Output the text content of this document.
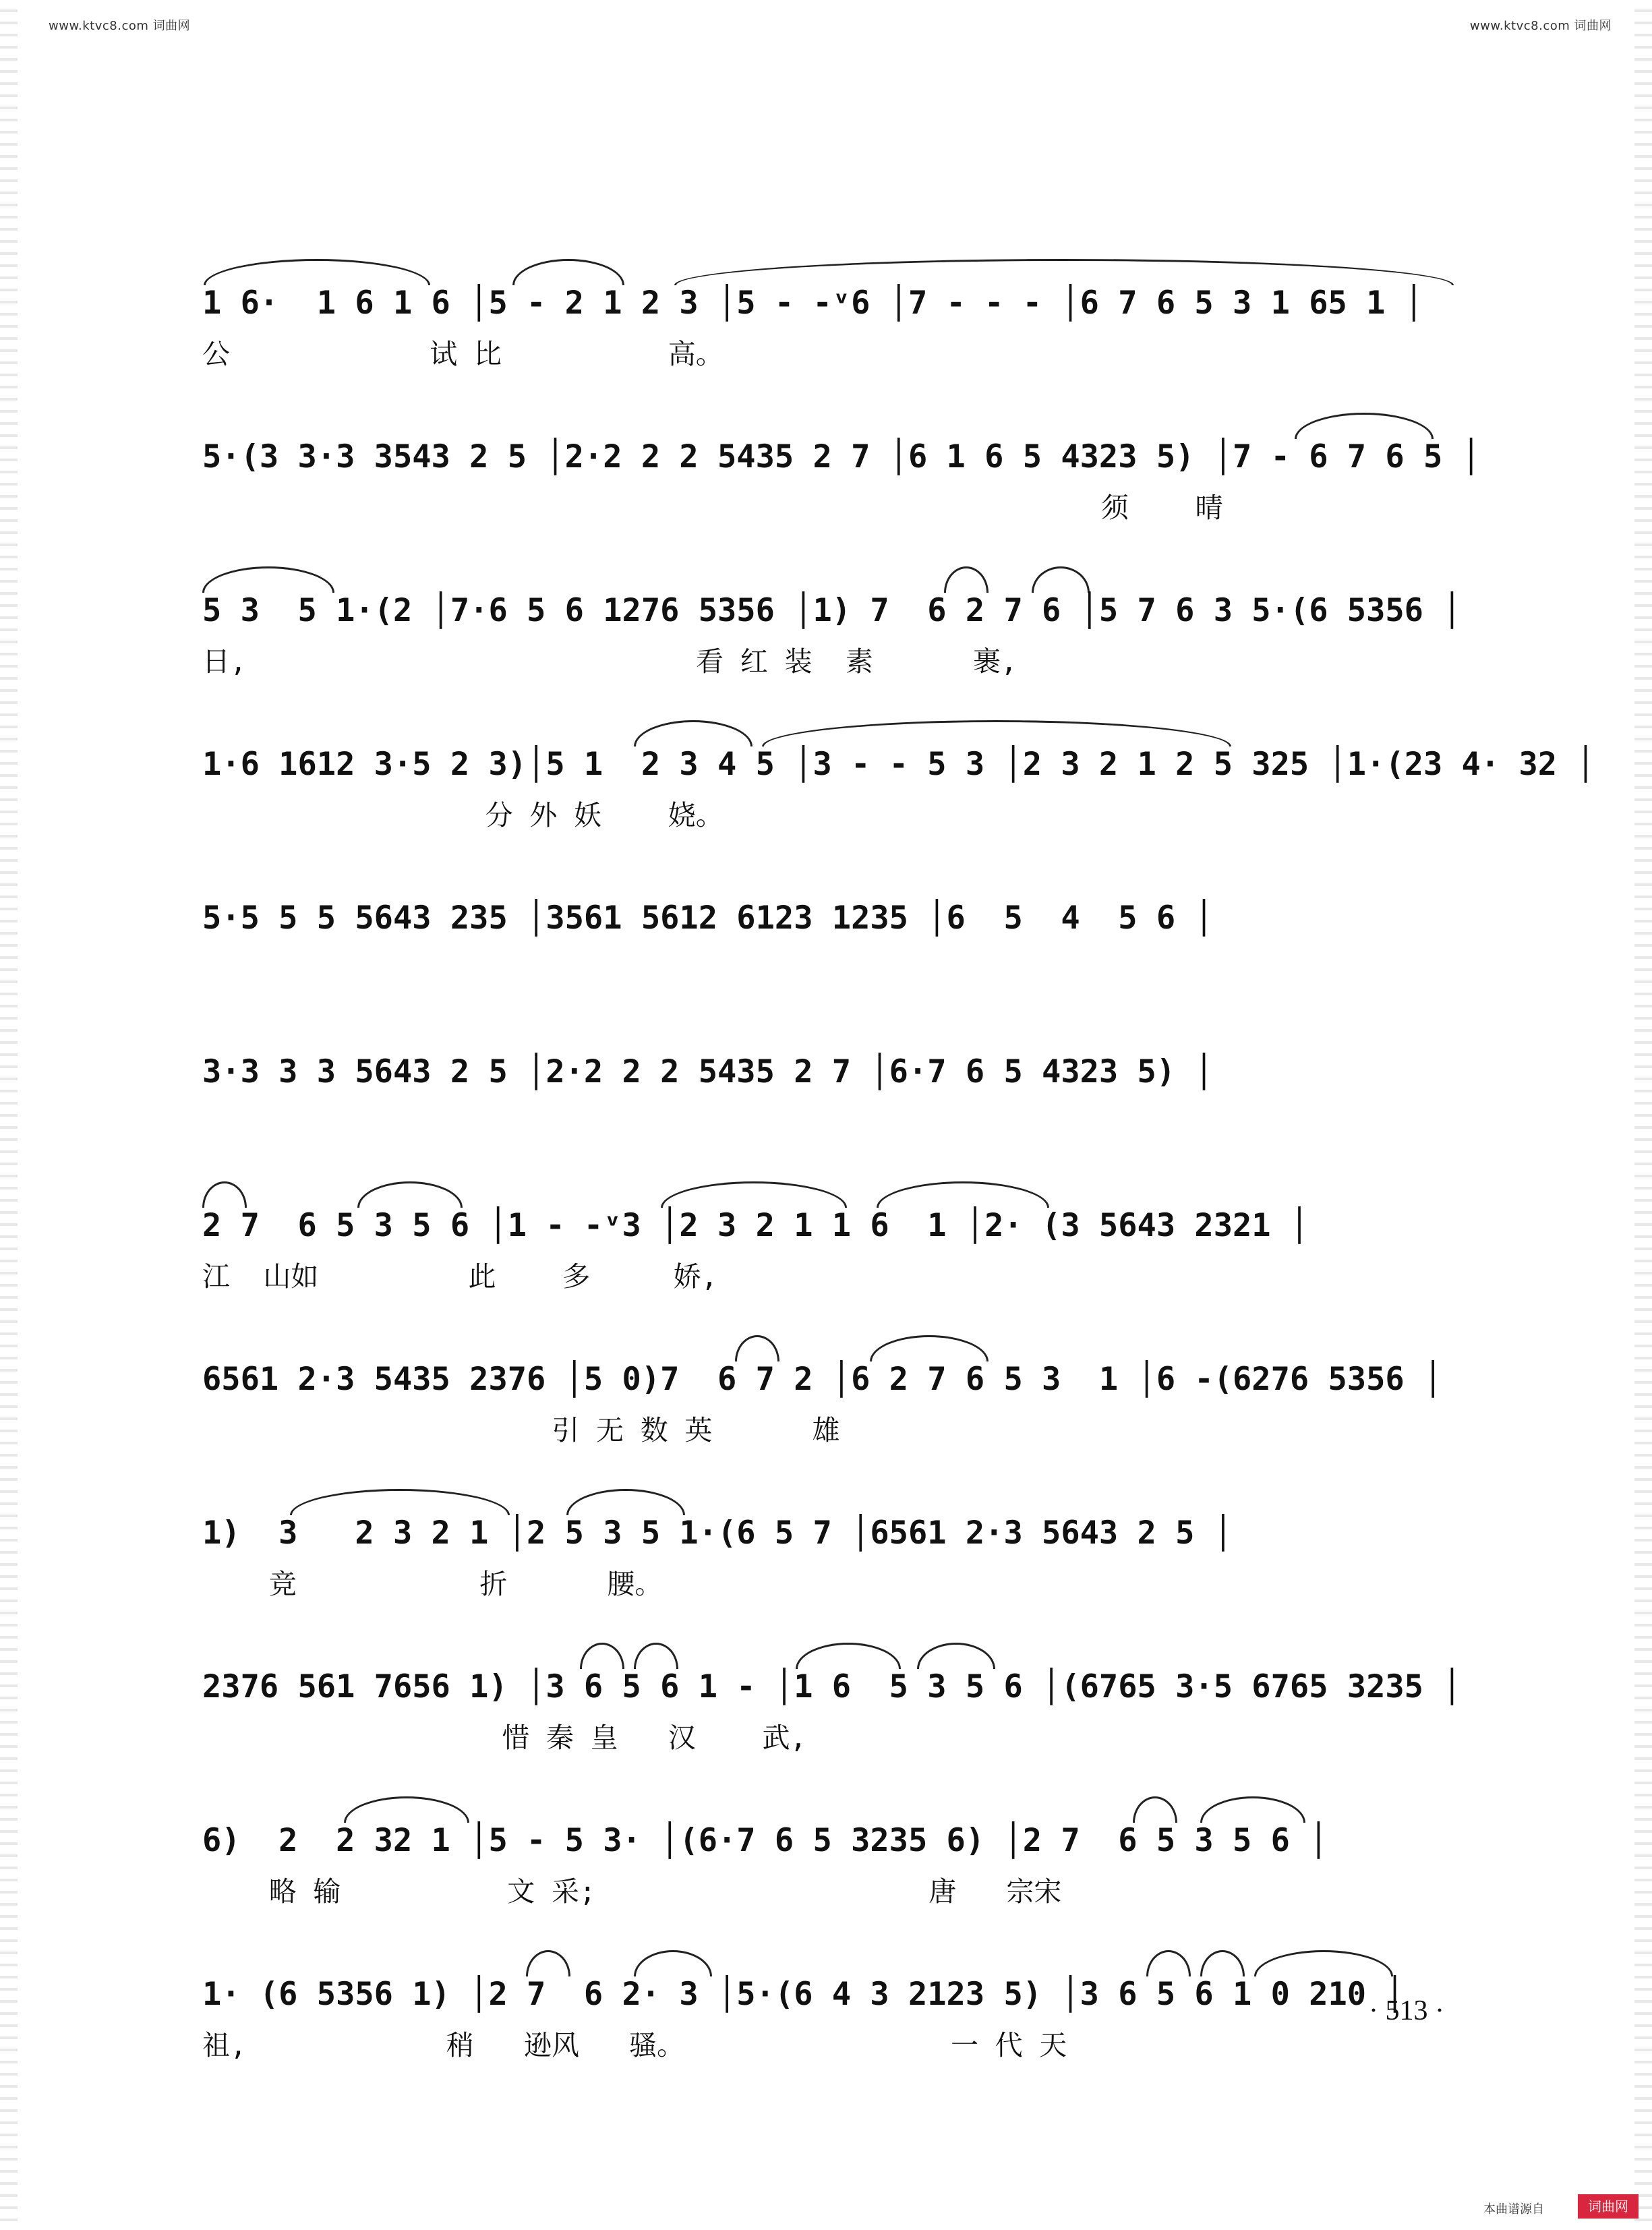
www.ktvc8.com 词曲网	www.ktvc8.com 词曲网
1 6·  1 6 1 6 │5 - 2 1 2 3 │5 - -ᵛ6 │7 - - - │6 7 6 5 3 1 65 1 │
公            试 比          高。
5·(3 3·3 3543 2 5 │2·2 2 2 5435 2 7 │6 1 6 5 4323 5) │7 - 6 7 6 5 │
须    晴
5 3  5 1·(2 │7·6 5 6 1276 5356 │1) 7  6 2 7 6 │5 7 6 3 5·(6 5356 │
日,                           看 红 装  素      裹,
1·6 1612 3·5 2 3)│5 1  2 3 4 5 │3 - - 5 3 │2 3 2 1 2 5 325 │1·(23 4· 32 │
分 外 妖    娆。
5·5 5 5 5643 235 │3561 5612 6123 1235 │6  5  4  5 6 │
3·3 3 3 5643 2 5 │2·2 2 2 5435 2 7 │6·7 6 5 4323 5) │
2 7  6 5 3 5 6 │1 - -ᵛ3 │2 3 2 1 1 6  1 │2· (3 5643 2321 │
江  山如         此    多     娇,
6561 2·3 5435 2376 │5 0)7  6 7 2 │6 2 7 6 5 3  1 │6 -(6276 5356 │
引 无 数 英      雄
1)  3   2 3 2 1 │2 5 3 5 1·(6 5 7 │6561 2·3 5643 2 5 │
竞           折      腰。
2376 561 7656 1) │3 6 5 6 1 - │1 6  5 3 5 6 │(6765 3·5 6765 3235 │
惜 秦 皇   汉    武,
6)  2  2 32 1 │5 - 5 3· │(6·7 6 5 3235 6) │2 7  6 5 3 5 6 │
略 输          文 采;                    唐   宗宋
1· (6 5356 1) │2 7  6 2· 3 │5·(6 4 3 2123 5) │3 6 5 6 1 0 210 │
祖,            稍   逊风   骚。                一 代 天
· 513 ·
本曲谱源自	词曲网
